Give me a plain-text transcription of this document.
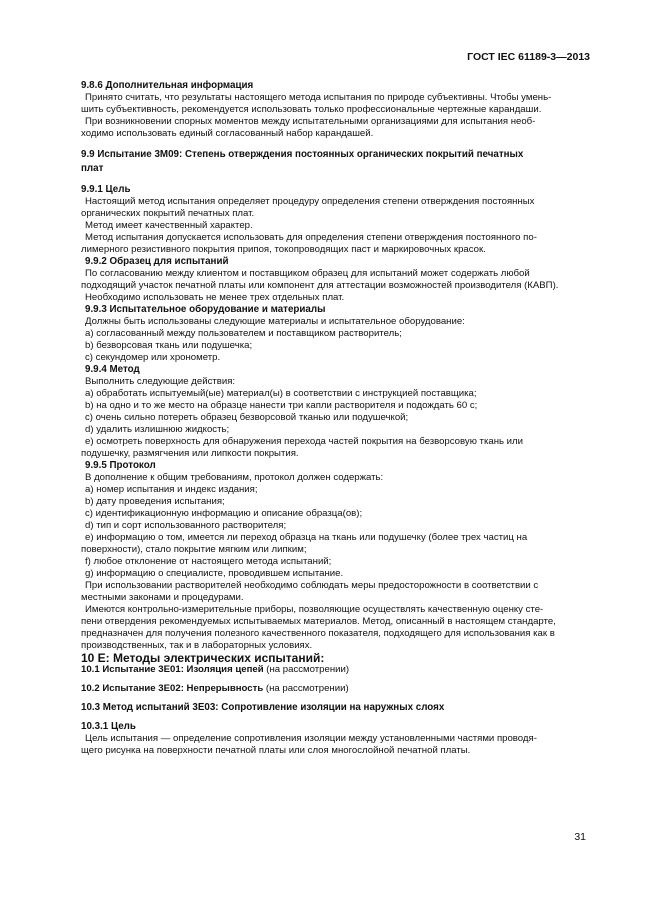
ГОСТ IEC 61189-3—2013

9.8.6 Дополнительная информация

Принято считать, что результаты настоящего метода испытания по природе субъективны. Чтобы умень-

шить субъективность, рекомендуется использовать только профессиональные чертежные карандаши.

При возникновении спорных моментов между испытательными организациями для испытания необ-

ходимо использовать единый согласованный набор карандашей.

9.9 Испытание 3М09: Степень отверждения постоянных органических покрытий печатных

плат

9.9.1 Цель

Настоящий метод испытания определяет процедуру определения степени отверждения постоянных

органических покрытий печатных плат.

Метод имеет качественный характер.

Метод испытания допускается использовать для определения степени отверждения постоянного по-

лимерного резистивного покрытия припоя, токопроводящих паст и маркировочных красок.

9.9.2 Образец для испытаний

По согласованию между клиентом и поставщиком образец для испытаний может содержать любой

подходящий участок печатной платы или компонент для аттестации возможностей производителя (КАВП).

Необходимо использовать не менее трех отдельных плат.

9.9.3 Испытательное оборудование и материалы

Должны быть использованы следующие материалы и испытательное оборудование:

a) согласованный между пользователем и поставщиком растворитель;

b) безворсовая ткань или подушечка;

c) секундомер или хронометр.

9.9.4 Метод

Выполнить следующие действия:

a) обработать испытуемый(ые) материал(ы) в соответствии с инструкцией поставщика;

b) на одно и то же место на образце нанести три капли растворителя и подождать 60 с;

c) очень сильно потереть образец безворсовой тканью или подушечкой;

d) удалить излишнюю жидкость;

e) осмотреть поверхность для обнаружения перехода частей покрытия на безворсовую ткань или

подушечку, размягчения или липкости покрытия.

9.9.5 Протокол

В дополнение к общим требованиям, протокол должен содержать:

a) номер испытания и индекс издания;

b) дату проведения испытания;

c) идентификационную информацию и описание образца(ов);

d) тип и сорт использованного растворителя;

e) информацию о том, имеется ли переход образца на ткань или подушечку (более трех частиц на

поверхности), стало покрытие мягким или липким;

f) любое отклонение от настоящего метода испытаний;

g) информацию о специалисте, проводившем испытание.

При использовании растворителей необходимо соблюдать меры предосторожности в соответствии с

местными законами и процедурами.

Имеются контрольно-измерительные приборы, позволяющие осуществлять качественную оценку сте-

пени отвердения рекомендуемых испытываемых материалов. Метод, описанный в настоящем стандарте,

предназначен для получения полезного качественного показателя, подходящего для использования как в

производственных, так и в лабораторных условиях.

10 E: Методы электрических испытаний:

10.1 Испытание 3E01: Изоляция цепей (на рассмотрении)

10.2 Испытание 3E02: Непрерывность (на рассмотрении)

10.3 Метод испытаний 3E03: Сопротивление изоляции на наружных слоях

10.3.1 Цель

Цель испытания — определение сопротивления изоляции между установленными частями проводя-

щего рисунка на поверхности печатной платы или слоя многослойной печатной платы.

31
